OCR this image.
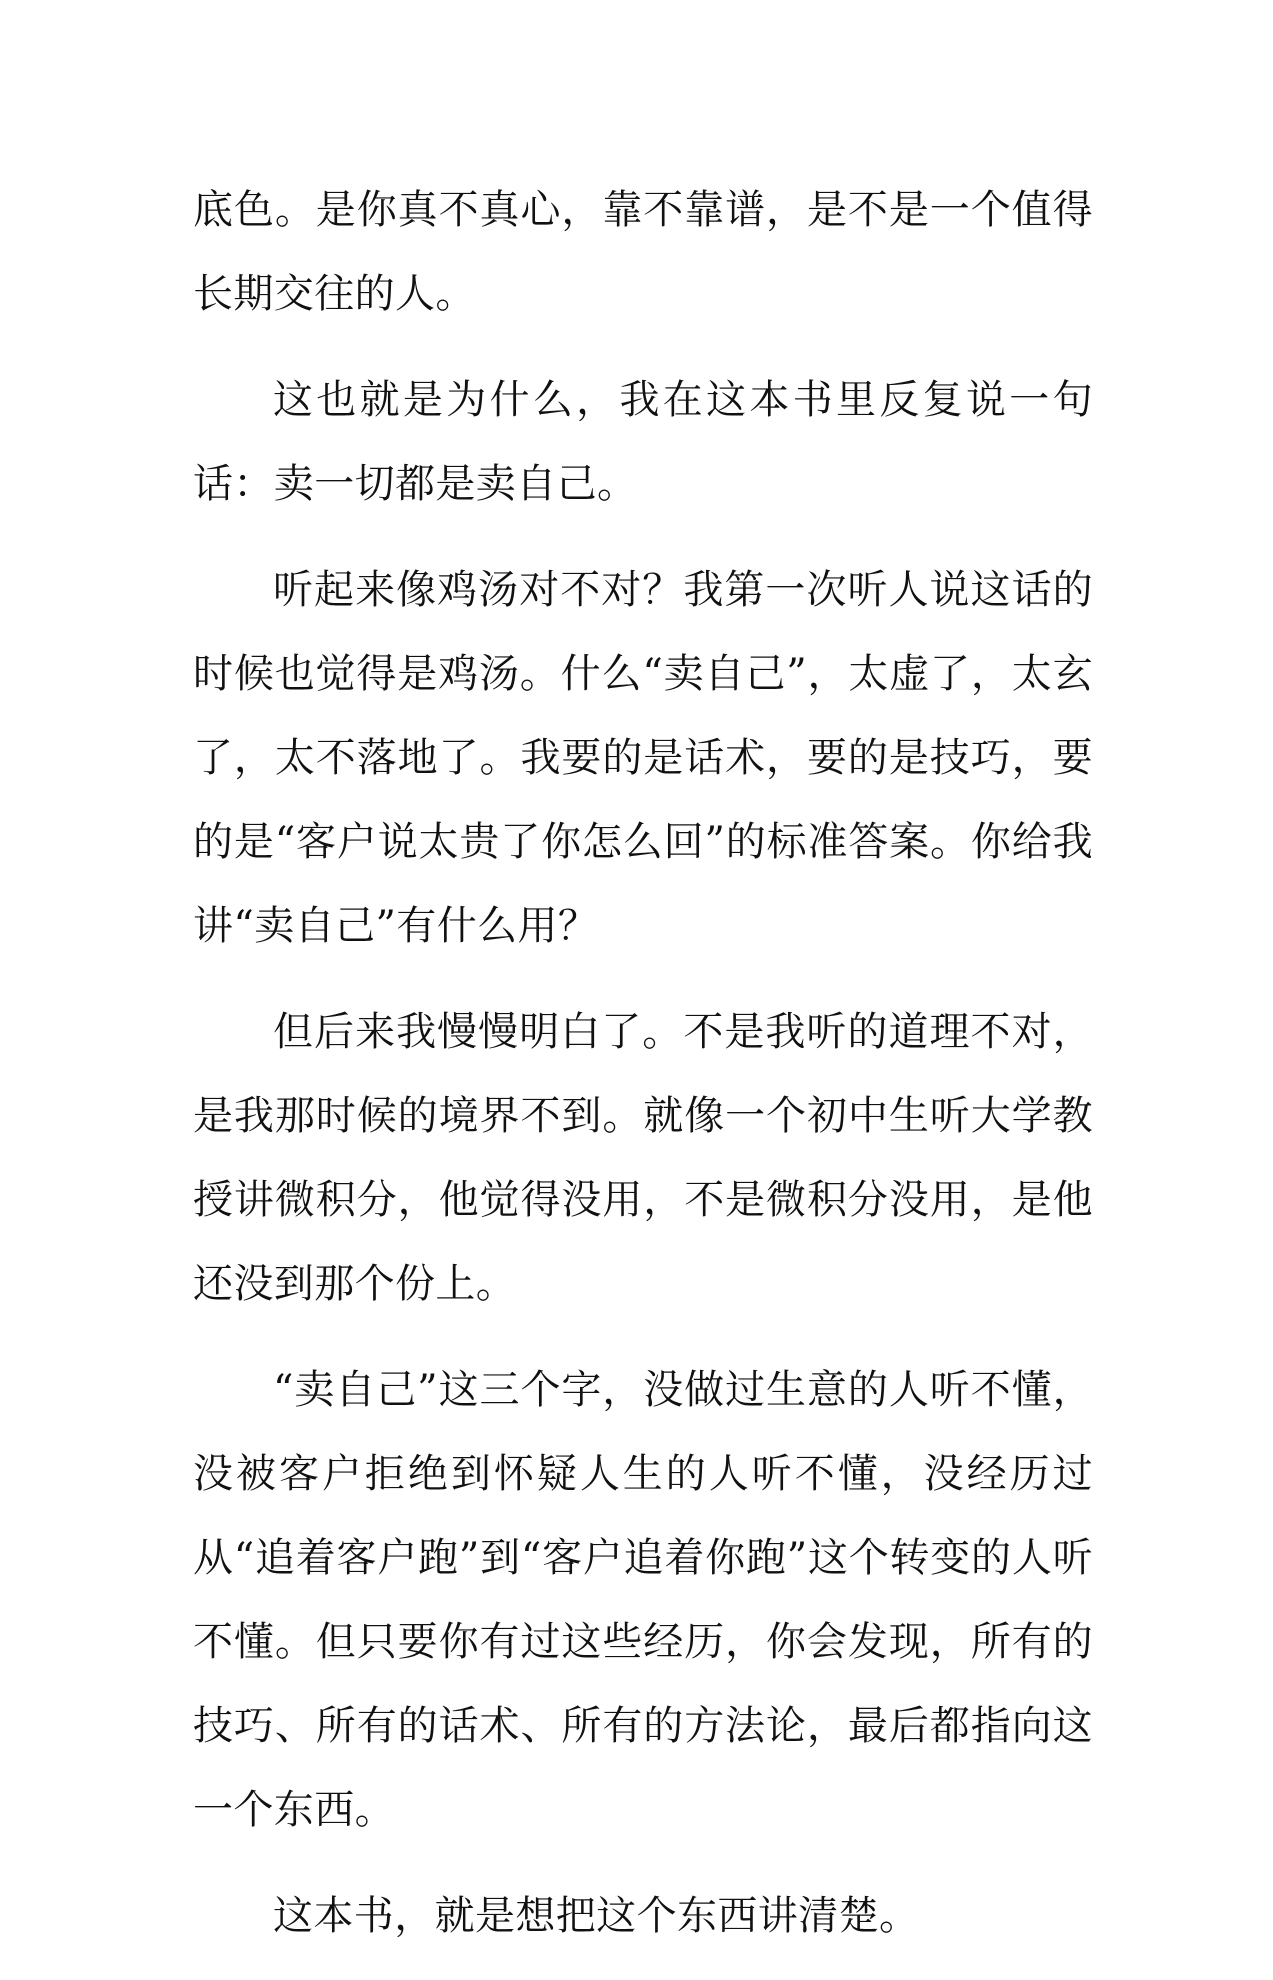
底色。是你真不真心，靠不靠谱，是不是一个值得长期交往的人。

这也就是为什么，我在这本书里反复说一句话：卖一切都是卖自己。

听起来像鸡汤对不对？我第一次听人说这话的时候也觉得是鸡汤。什么“卖自己”，太虚了，太玄了，太不落地了。我要的是话术，要的是技巧，要的是“客户说太贵了你怎么回”的标准答案。你给我讲“卖自己”有什么用？

但后来我慢慢明白了。不是我听的道理不对，是我那时候的境界不到。就像一个初中生听大学教授讲微积分，他觉得没用，不是微积分没用，是他还没到那个份上。

“卖自己”这三个字，没做过生意的人听不懂，没被客户拒绝到怀疑人生的人听不懂，没经历过从“追着客户跑”到“客户追着你跑”这个转变的人听不懂。但只要你有过这些经历，你会发现，所有的技巧、所有的话术、所有的方法论，最后都指向这一个东西。

这本书，就是想把这个东西讲清楚。
